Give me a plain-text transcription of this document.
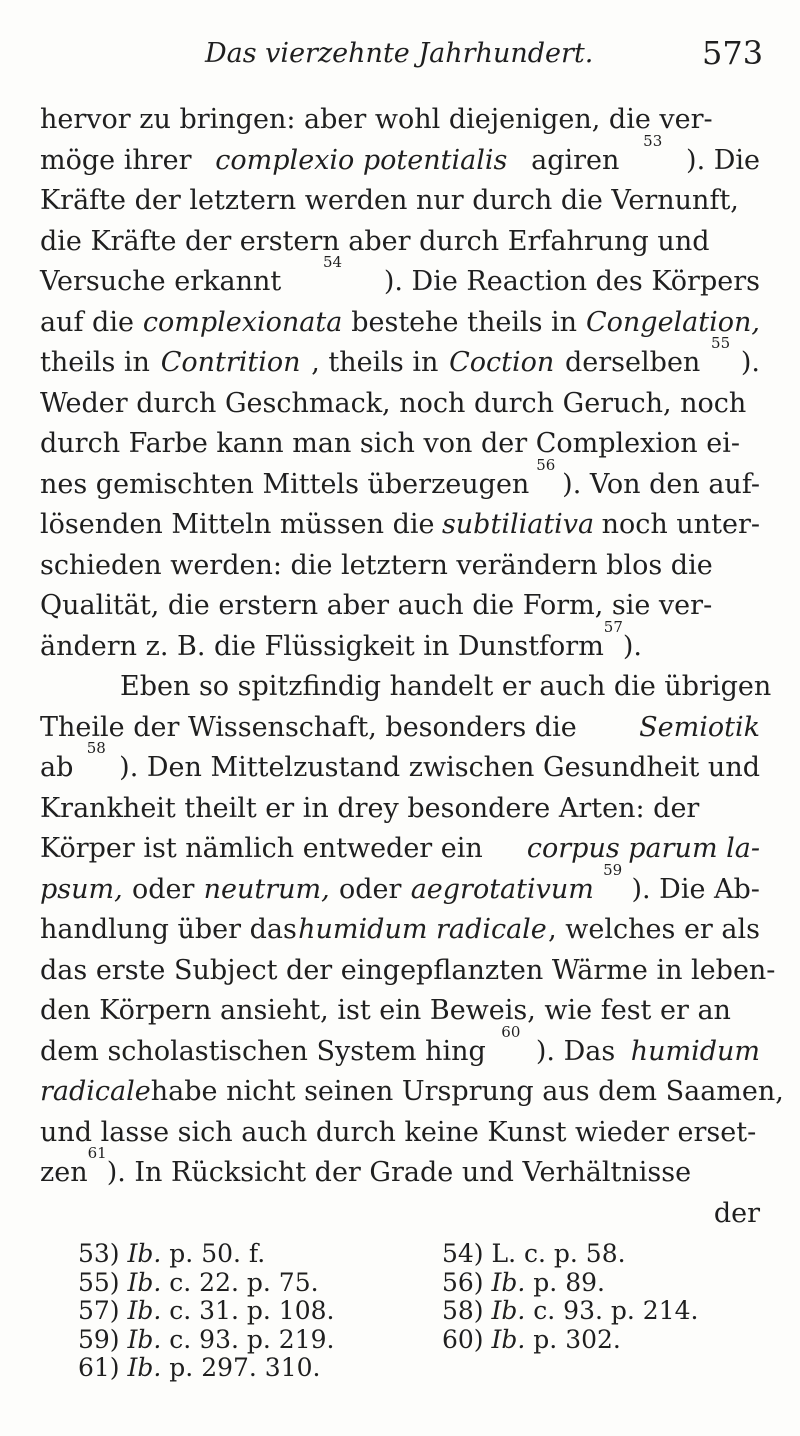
Das vierzehnte Jahrhundert.	573
hervor zu bringen: aber wohl diejenigen, die ver-
möge ihrer complexio potentialis agiren
53
). Die
Kräfte der letztern werden nur durch die Vernunft,
die Kräfte der erstern aber durch Erfahrung und
Versuche erkannt
54
). Die Reaction des Körpers
auf die complexionata bestehe theils in Congelation,
theils in Contrition , theils in Coction derselben
55
).
Weder durch Geschmack, noch durch Geruch, noch
durch Farbe kann man sich von der Complexion ei-
nes gemischten Mittels überzeugen
56
). Von den auf-
lösenden Mitteln müssen die subtiliativa noch unter-
schieden werden: die letztern verändern blos die
Qualität, die erstern aber auch die Form, sie ver-
ändern z. B. die Flüssigkeit in Dunstform
57
).
Eben so spitzfindig handelt er auch die übrigen
Theile der Wissenschaft, besonders die Semiotik
ab
58
). Den Mittelzustand zwischen Gesundheit und
Krankheit theilt er in drey besondere Arten: der
Körper ist nämlich entweder ein corpus parum la-
psum, oder neutrum, oder aegrotativum
59
). Die Ab-
handlung über das humidum radicale , welches er als
das erste Subject der eingepflanzten Wärme in leben-
den Körpern ansieht, ist ein Beweis, wie fest er an
dem scholastischen System hing
60
). Das humidum
radicale habe nicht seinen Ursprung aus dem Saamen,
und lasse sich auch durch keine Kunst wieder erset-
zen
61
). In Rücksicht der Grade und Verhältnisse
der
53) Ib. p. 50. f.
55) Ib. c. 22. p. 75.
57) Ib. c. 31. p. 108.
59) Ib. c. 93. p. 219.
61) Ib. p. 297. 310.
54) L. c. p. 58.
56) Ib. p. 89.
58) Ib. c. 93. p. 214.
60) Ib. p. 302.
